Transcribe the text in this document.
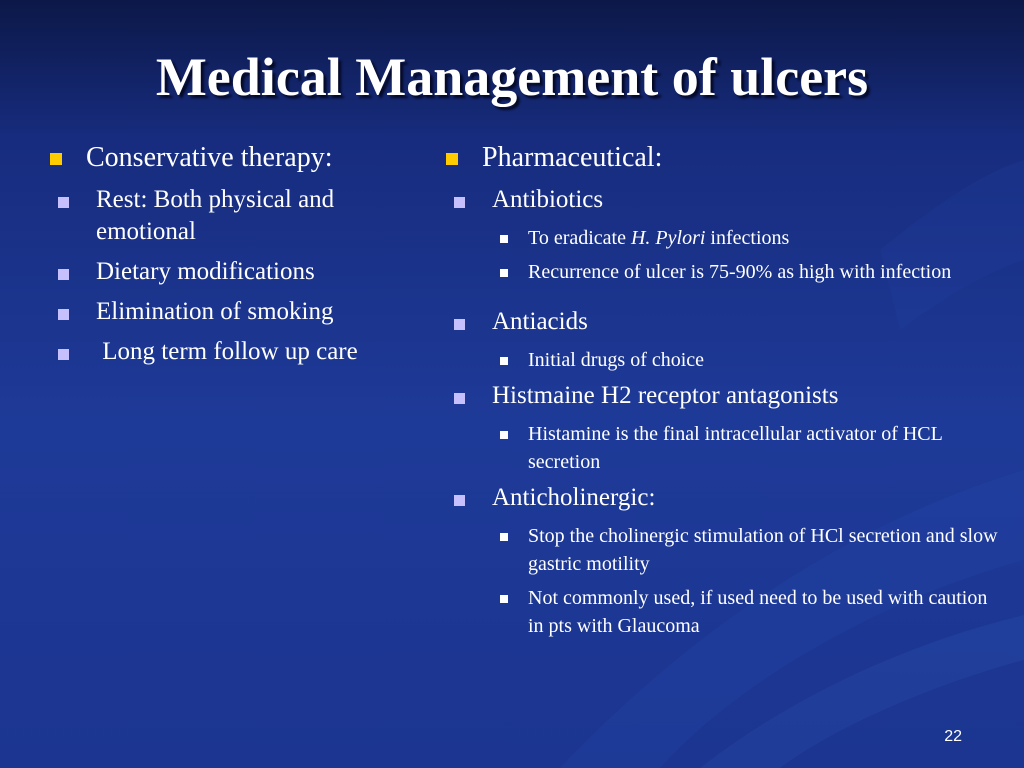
Medical Management of ulcers
Conservative therapy:
Rest: Both physical and emotional
Dietary modifications
Elimination of smoking
Long term follow up care
Pharmaceutical:
Antibiotics
To eradicate H. Pylori infections
Recurrence of ulcer is 75-90% as high with infection
Antiacids
Initial drugs of choice
Histmaine H2 receptor antagonists
Histamine is the final intracellular activator of HCL secretion
Anticholinergic:
Stop the cholinergic stimulation of HCl secretion and slow gastric motility
Not commonly used, if used need to be used with caution in pts with Glaucoma
22
